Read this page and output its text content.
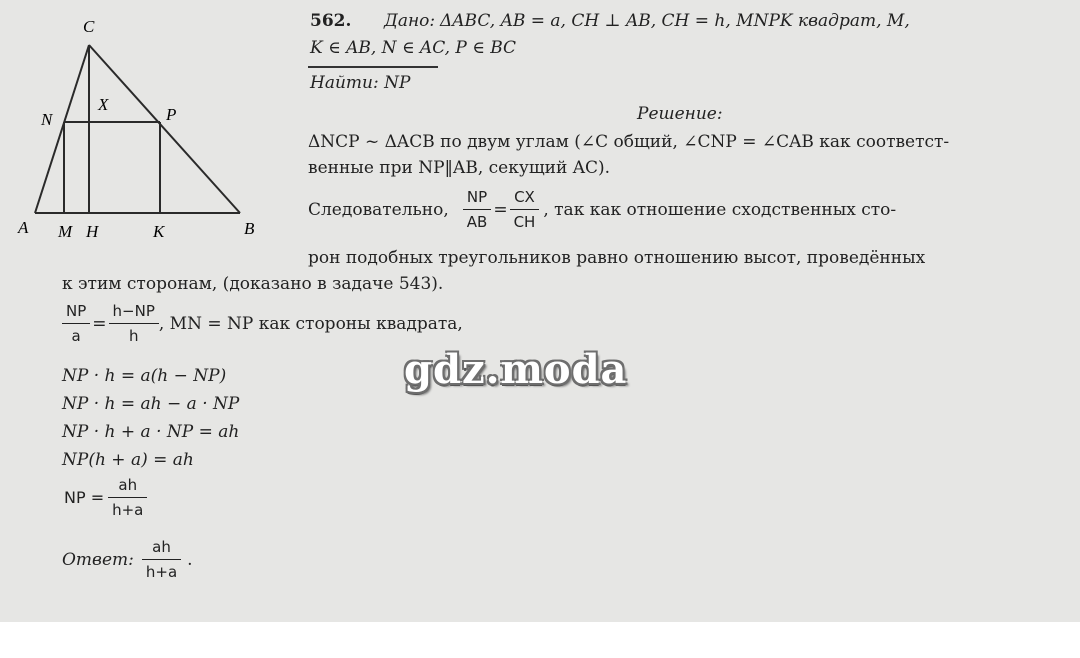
C
N
X
P
A M H	K	B
562. Дано: ΔABC, AB = a, CH ⊥ AB, CH = h, MNPK квадрат, M,
K ∈ AB, N ∈ AC, P ∈ BC
Найти: NP
Решение:
ΔNCP ~ ΔACB по двум углам (∠C общий, ∠CNP = ∠CAB как соответст-
венные при NP‖AB, секущий AC).
Следовательно, $\frac{NP}{AB} = \frac{CX}{CH}$ , так как отношение сходственных сто-
рон подобных треугольников равно отношению высот, проведённых
к этим сторонам, (доказано в задаче 543).
$\frac{NP}{a} = \frac{h-NP}{h}$ , MN = NP как стороны квадрата,
NP · h = a(h − NP)
NP · h = ah − a · NP
NP · h + a · NP = ah
NP(h + a) = ah
NP = $\frac{ah}{h+a}$
Ответ: $\frac{ah}{h+a}$ .
gdz.moda
